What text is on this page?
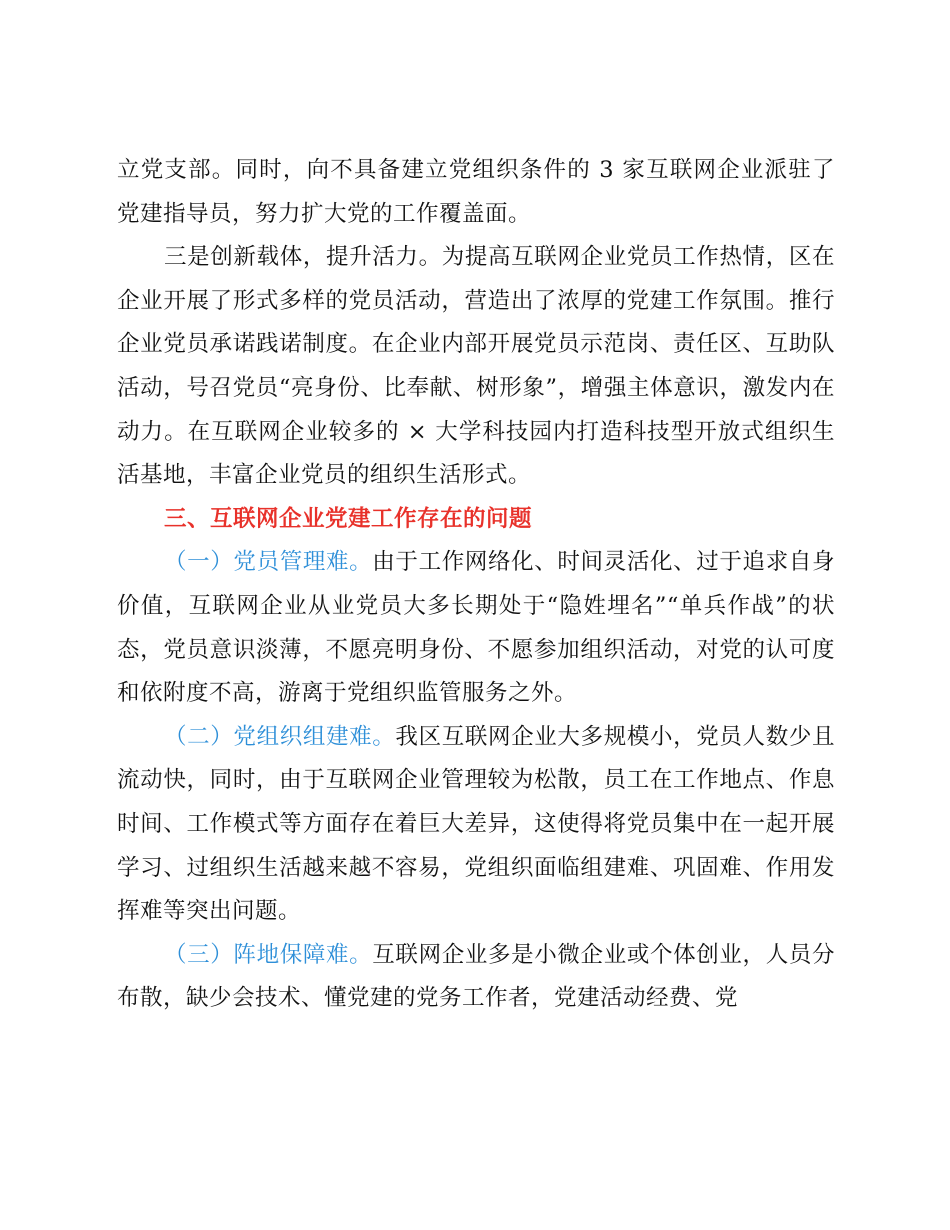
立党支部。同时，向不具备建立党组织条件的 3 家互联网企业派驻了党建指导员，努力扩大党的工作覆盖面。

三是创新载体，提升活力。为提高互联网企业党员工作热情，区在企业开展了形式多样的党员活动，营造出了浓厚的党建工作氛围。推行企业党员承诺践诺制度。在企业内部开展党员示范岗、责任区、互助队活动，号召党员“亮身份、比奉献、树形象”，增强主体意识，激发内在动力。在互联网企业较多的 × 大学科技园内打造科技型开放式组织生活基地，丰富企业党员的组织生活形式。

三、互联网企业党建工作存在的问题

（一）党员管理难。由于工作网络化、时间灵活化、过于追求自身价值，互联网企业从业党员大多长期处于“隐姓埋名”“单兵作战”的状态，党员意识淡薄，不愿亮明身份、不愿参加组织活动，对党的认可度和依附度不高，游离于党组织监管服务之外。

（二）党组织组建难。我区互联网企业大多规模小，党员人数少且流动快，同时，由于互联网企业管理较为松散，员工在工作地点、作息时间、工作模式等方面存在着巨大差异，这使得将党员集中在一起开展学习、过组织生活越来越不容易，党组织面临组建难、巩固难、作用发挥难等突出问题。

（三）阵地保障难。互联网企业多是小微企业或个体创业，人员分布散，缺少会技术、懂党建的党务工作者，党建活动经费、党
